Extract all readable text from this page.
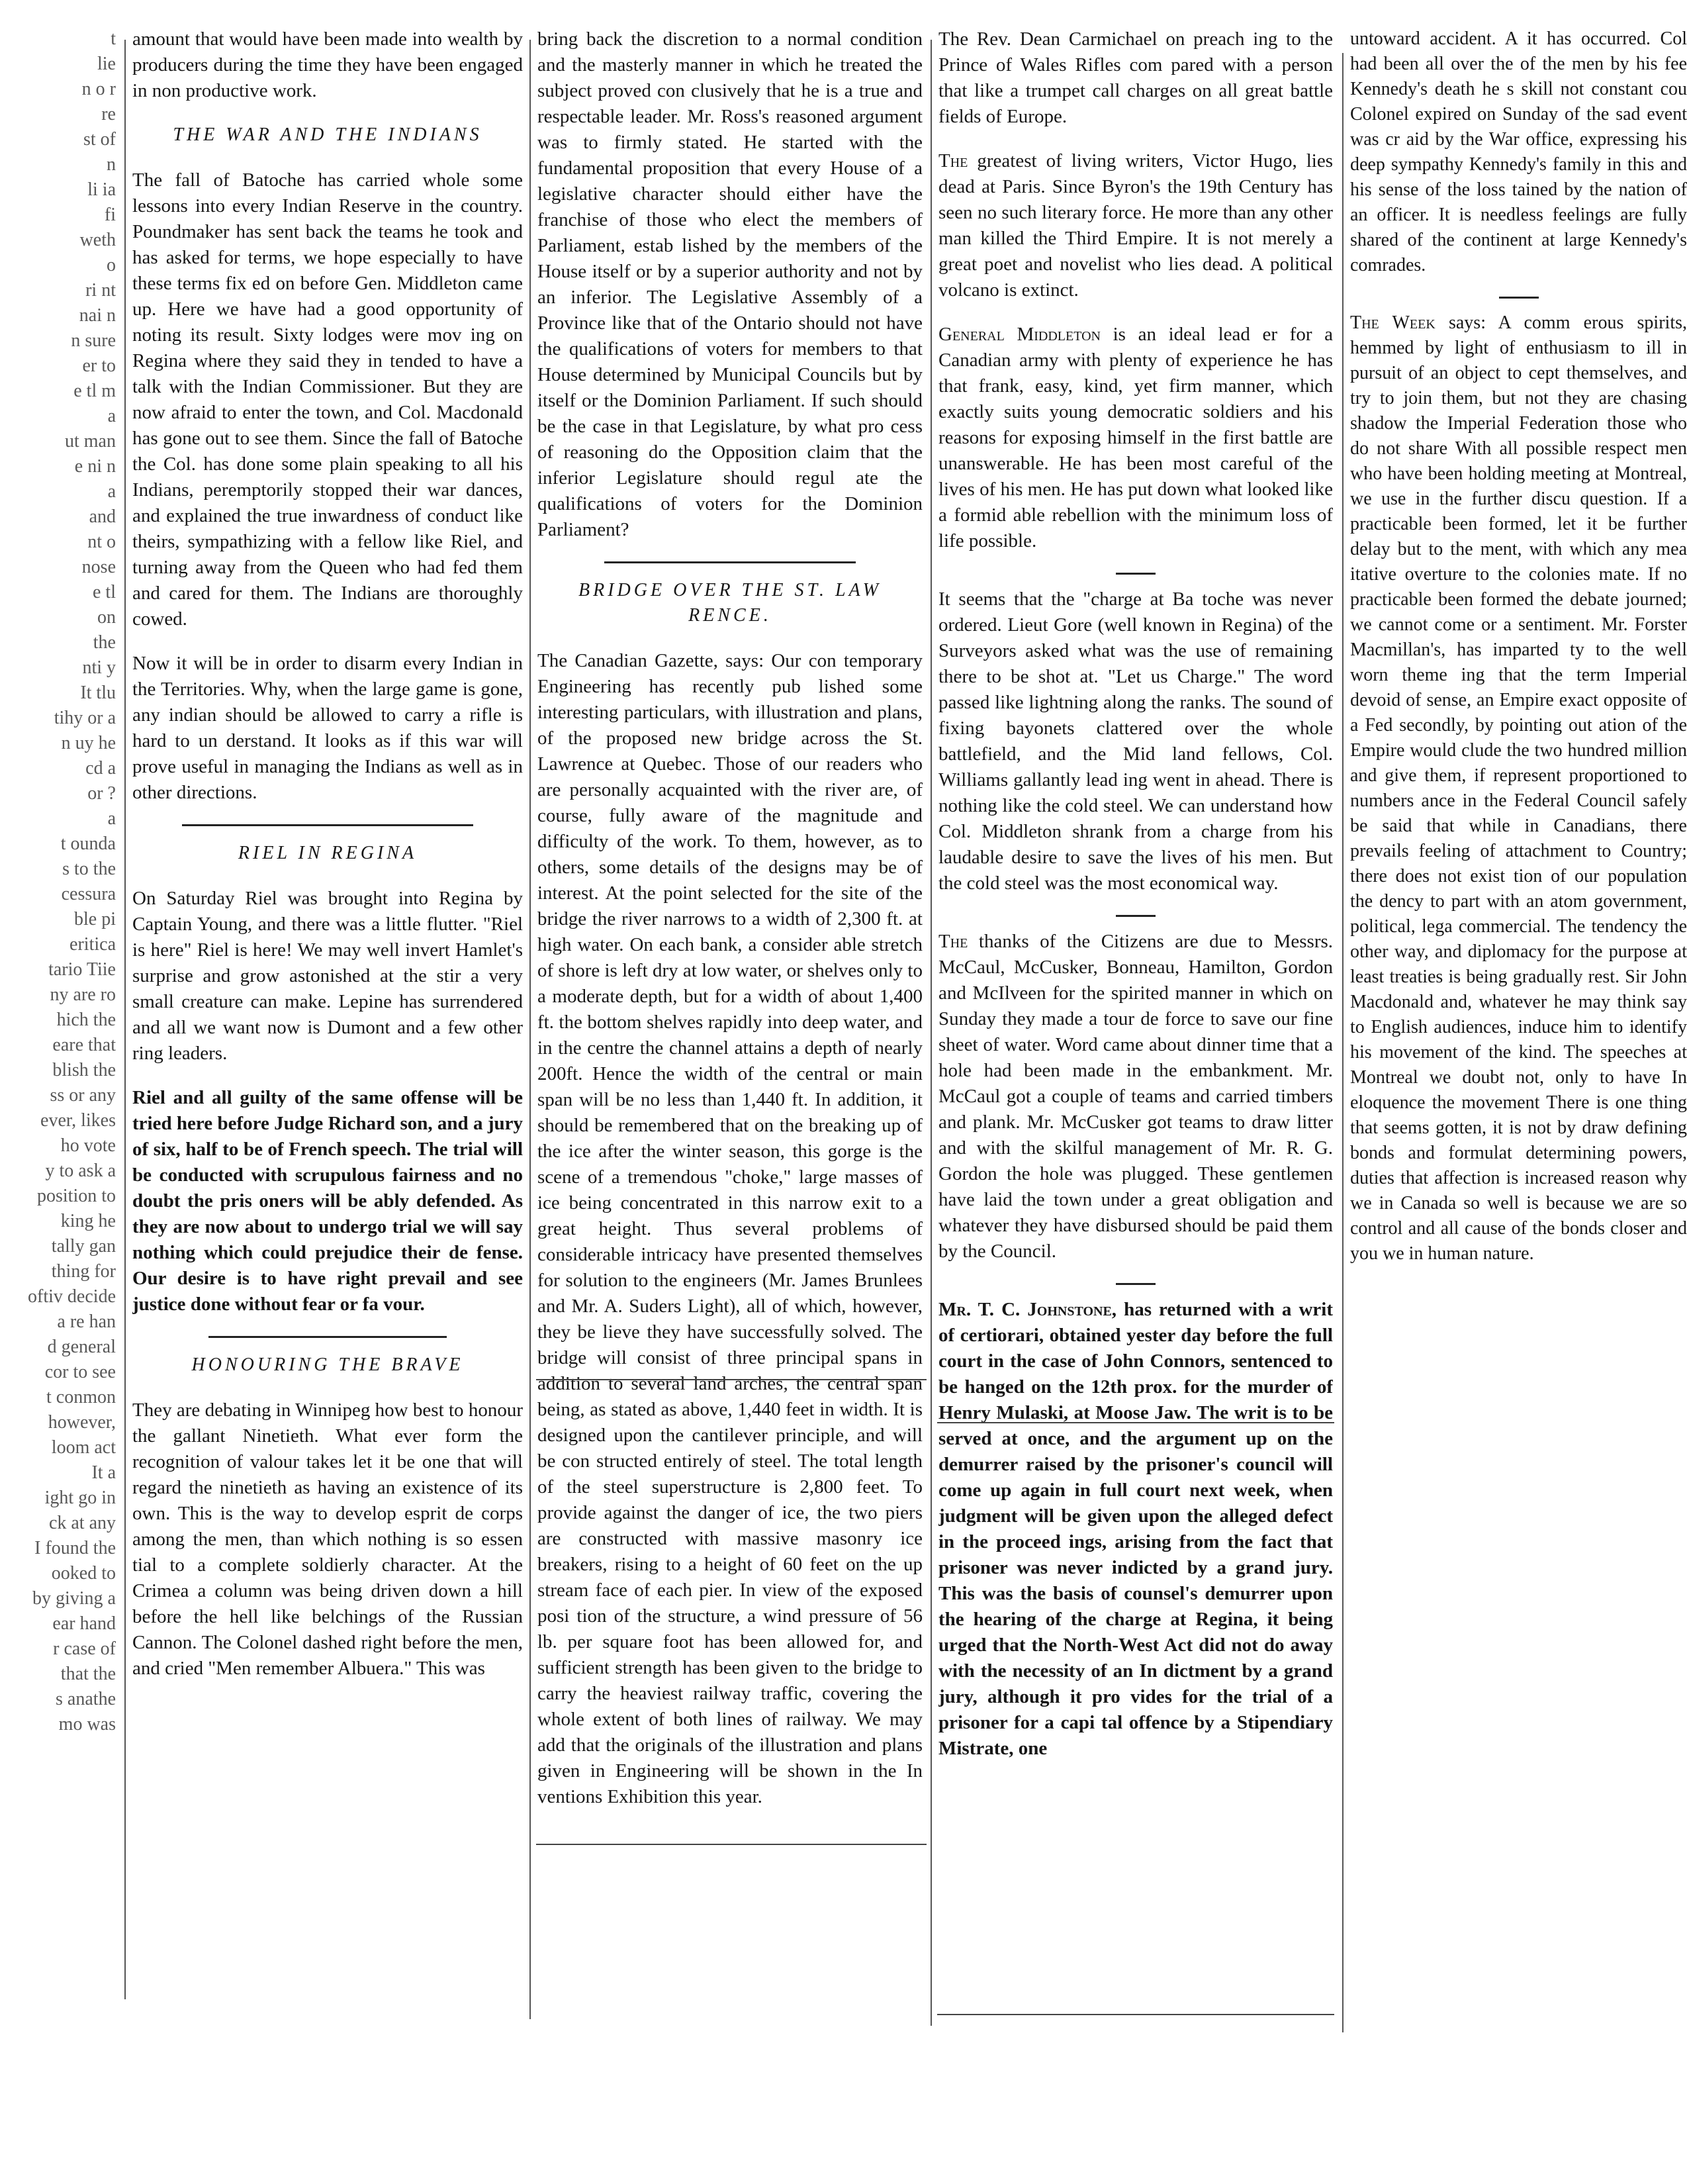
t

lie

n o r

re

st of

n

li ia

fi

weth

o

ri nt

nai n

n sure

er to

e tl m

a

ut man

e ni n

a

and

nt o

nose

e tl

on

the

nti y

It tlu

tihy or a

n uy he

cd a

or ?

a

t ounda

s to the

cessura

ble pi

eritica

tario Tiie

ny are ro

hich the

eare that

blish the

ss or any

ever, likes

ho vote

y to ask a

position to

king he

tally gan

thing for

oftiv decide

a re han

d general

cor to see

t conmon

however,

loom act

It a

ight go in

ck at any

I found the

ooked to

by giving a

ear hand

r case of

that the

s anathe

mo was

amount that would have been made into wealth by producers during the time they have been engaged in non productive work.

THE WAR AND THE INDIANS

The fall of Batoche has carried whole some lessons into every Indian Reserve in the country. Poundmaker has sent back the teams he took and has asked for terms, we hope especially to have these terms fix ed on before Gen. Middleton came up. Here we have had a good opportunity of noting its result. Sixty lodges were mov ing on Regina where they said they in tended to have a talk with the Indian Commissioner. But they are now afraid to enter the town, and Col. Macdonald has gone out to see them. Since the fall of Batoche the Col. has done some plain speaking to all his Indians, peremptorily stopped their war dances, and explained the true inwardness of conduct like theirs, sympathizing with a fellow like Riel, and turning away from the Queen who had fed them and cared for them. The Indians are thoroughly cowed.

Now it will be in order to disarm every Indian in the Territories. Why, when the large game is gone, any indian should be allowed to carry a rifle is hard to un derstand. It looks as if this war will prove useful in managing the Indians as well as in other directions.

RIEL IN REGINA

On Saturday Riel was brought into Regina by Captain Young, and there was a little flutter. "Riel is here" Riel is here! We may well invert Hamlet's surprise and grow astonished at the stir a very small creature can make. Lepine has surrendered and all we want now is Dumont and a few other ring leaders.

Riel and all guilty of the same offense will be tried here before Judge Richard son, and a jury of six, half to be of French speech. The trial will be conducted with scrupulous fairness and no doubt the pris oners will be ably defended. As they are now about to undergo trial we will say nothing which could prejudice their de fense. Our desire is to have right prevail and see justice done without fear or fa vour.

HONOURING THE BRAVE

They are debating in Winnipeg how best to honour the gallant Ninetieth. What ever form the recognition of valour takes let it be one that will regard the ninetieth as having an existence of its own. This is the way to develop esprit de corps among the men, than which nothing is so essen tial to a complete soldierly character. At the Crimea a column was being driven down a hill before the hell like belchings of the Russian Cannon. The Colonel dashed right before the men, and cried "Men remember Albuera." This was

bring back the discretion to a normal condition and the masterly manner in which he treated the subject proved con clusively that he is a true and respectable leader. Mr. Ross's reasoned argument was to firmly stated. He started with the fundamental proposition that every House of a legislative character should either have the franchise of those who elect the members of Parliament, estab lished by the members of the House itself or by a superior authority and not by an inferior. The Legislative Assembly of a Province like that of the Ontario should not have the qualifications of voters for members to that House determined by Municipal Councils but by itself or the Dominion Parliament. If such should be the case in that Legislature, by what pro cess of reasoning do the Opposition claim that the inferior Legislature should regul ate the qualifications of voters for the Dominion Parliament?

BRIDGE OVER THE ST. LAW RENCE.

The Canadian Gazette, says: Our con temporary Engineering has recently pub lished some interesting particulars, with illustration and plans, of the proposed new bridge across the St. Lawrence at Quebec. Those of our readers who are personally acquainted with the river are, of course, fully aware of the magnitude and difficulty of the work. To them, however, as to others, some details of the designs may be of interest. At the point selected for the site of the bridge the river narrows to a width of 2,300 ft. at high water. On each bank, a consider able stretch of shore is left dry at low water, or shelves only to a moderate depth, but for a width of about 1,400 ft. the bottom shelves rapidly into deep water, and in the centre the channel attains a depth of nearly 200ft. Hence the width of the central or main span will be no less than 1,440 ft. In addition, it should be remembered that on the breaking up of the ice after the winter season, this gorge is the scene of a tremendous "choke," large masses of ice being concentrated in this narrow exit to a great height. Thus several problems of considerable intricacy have presented themselves for solution to the engineers (Mr. James Brunlees and Mr. A. Suders Light), all of which, however, they be lieve they have successfully solved. The bridge will consist of three principal spans in addition to several land arches, the central span being, as stated as above, 1,440 feet in width. It is designed upon the cantilever principle, and will be con structed entirely of steel. The total length of the steel superstructure is 2,800 feet. To provide against the danger of ice, the two piers are constructed with massive masonry ice breakers, rising to a height of 60 feet on the up stream face of each pier. In view of the exposed posi tion of the structure, a wind pressure of 56 lb. per square foot has been allowed for, and sufficient strength has been given to the bridge to carry the heaviest railway traffic, covering the whole extent of both lines of railway. We may add that the originals of the illustration and plans given in Engineering will be shown in the In ventions Exhibition this year.

The Rev. Dean Carmichael on preach ing to the Prince of Wales Rifles com pared with a person that like a trumpet call charges on all great battle fields of Europe.

The greatest of living writers, Victor Hugo, lies dead at Paris. Since Byron's the 19th Century has seen no such literary force. He more than any other man killed the Third Empire. It is not merely a great poet and novelist who lies dead. A political volcano is extinct.

General Middleton is an ideal lead er for a Canadian army with plenty of experience he has that frank, easy, kind, yet firm manner, which exactly suits young democratic soldiers and his reasons for exposing himself in the first battle are unanswerable. He has been most careful of the lives of his men. He has put down what looked like a formid able rebellion with the minimum loss of life possible.

It seems that the "charge at Ba toche was never ordered. Lieut Gore (well known in Regina) of the Surveyors asked what was the use of remaining there to be shot at. "Let us Charge." The word passed like lightning along the ranks. The sound of fixing bayonets clattered over the whole battlefield, and the Mid land fellows, Col. Williams gallantly lead ing went in ahead. There is nothing like the cold steel. We can understand how Col. Middleton shrank from a charge from his laudable desire to save the lives of his men. But the cold steel was the most economical way.

The thanks of the Citizens are due to Messrs. McCaul, McCusker, Bonneau, Hamilton, Gordon and McIlveen for the spirited manner in which on Sunday they made a tour de force to save our fine sheet of water. Word came about dinner time that a hole had been made in the embankment. Mr. McCaul got a couple of teams and carried timbers and plank. Mr. McCusker got teams to draw litter and with the skilful management of Mr. R. G. Gordon the hole was plugged. These gentlemen have laid the town under a great obligation and whatever they have disbursed should be paid them by the Council.

Mr. T. C. Johnstone, has returned with a writ of certiorari, obtained yester day before the full court in the case of John Connors, sentenced to be hanged on the 12th prox. for the murder of Henry Mulaski, at Moose Jaw. The writ is to be served at once, and the argument up on the demurrer raised by the prisoner's council will come up again in full court next week, when judgment will be given upon the alleged defect in the proceed ings, arising from the fact that prisoner was never indicted by a grand jury. This was the basis of counsel's demurrer upon the hearing of the charge at Regina, it being urged that the North-West Act did not do away with the necessity of an In dictment by a grand jury, although it pro vides for the trial of a prisoner for a capi tal offence by a Stipendiary Mistrate, one

untoward accident. A it has occurred. Col had been all over the of the men by his fee Kennedy's death he s skill not constant cou Colonel expired on Sunday of the sad event was cr aid by the War office, expressing his deep sympathy Kennedy's family in this and his sense of the loss tained by the nation of an officer. It is needless feelings are fully shared of the continent at large Kennedy's comrades.

The Week says: A comm erous spirits, hemmed by light of enthusiasm to ill in pursuit of an object to cept themselves, and try to join them, but not they are chasing shadow the Imperial Federation those who do not share With all possible respect men who have been holding meeting at Montreal, we use in the further discu question. If a practicable been formed, let it be further delay but to the ment, with which any mea itative overture to the colonies mate. If no practicable been formed the debate journed; we cannot come or a sentiment. Mr. Forster Macmillan's, has imparted ty to the well worn theme ing that the term Imperial devoid of sense, an Empire exact opposite of a Fed secondly, by pointing out ation of the Empire would clude the two hundred million and give them, if represent proportioned to numbers ance in the Federal Council safely be said that while in Canadians, there prevails feeling of attachment to Country; there does not exist tion of our population the dency to part with an atom government, political, lega commercial. The tendency the other way, and diplomacy for the purpose at least treaties is being gradually rest. Sir John Macdonald and, whatever he may think say to English audiences, induce him to identify his movement of the kind. The speeches at Montreal we doubt not, only to have In eloquence the movement There is one thing that seems gotten, it is not by draw defining bonds and formulat determining powers, duties that affection is increased reason why we in Canada so well is because we are so control and all cause of the bonds closer and you we in human nature.
